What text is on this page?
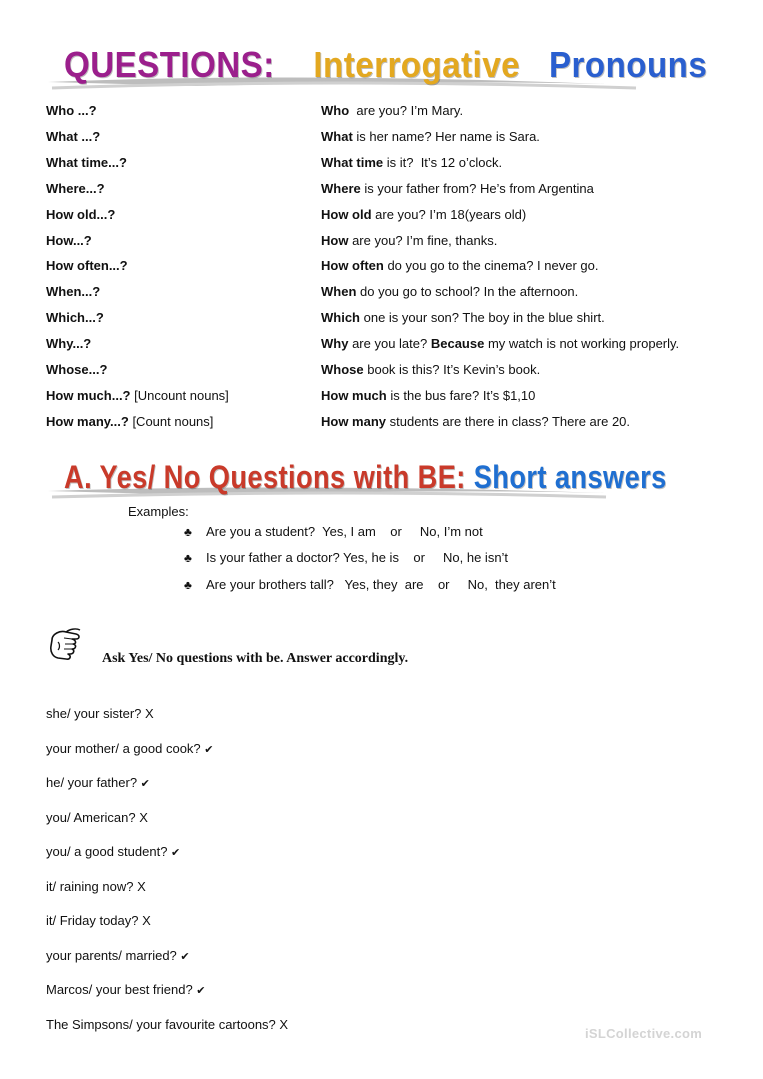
QUESTIONS: Interrogative Pronouns
Who ...?	Who  are you? I’m Mary.
What ...?	What is her name? Her name is Sara.
What time...?	What time is it?  It’s 12 o’clock.
Where...?	Where is your father from? He’s from Argentina
How old...?	How old are you? I’m 18(years old)
How...?	How are you? I’m fine, thanks.
How often...?	How often do you go to the cinema? I never go.
When...?	When do you go to school? In the afternoon.
Which...?	Which one is your son? The boy in the blue shirt.
Why...?	Why are you late? Because my watch is not working properly.
Whose...?	Whose book is this? It’s Kevin’s book.
How much...? [Uncount nouns]	How much is the bus fare? It’s $1,10
How many...? [Count nouns]	How many students are there in class? There are 20.
A. Yes/ No Questions with BE: Short answers
Examples:
♣ Are you a student?  Yes, I am    or     No, I’m not
♣ Is your father a doctor? Yes, he is    or     No, he isn’t
♣ Are your brothers tall?   Yes, they  are    or     No,  they aren’t
Ask Yes/ No questions with be. Answer accordingly.
she/ your sister? X
your mother/ a good cook? ✔
he/ your father? ✔
you/ American? X
you/ a good student? ✔
it/ raining now? X
it/ Friday today? X
your parents/ married? ✔
Marcos/ your best friend? ✔
The Simpsons/ your favourite cartoons? X
iSLCollective.com
